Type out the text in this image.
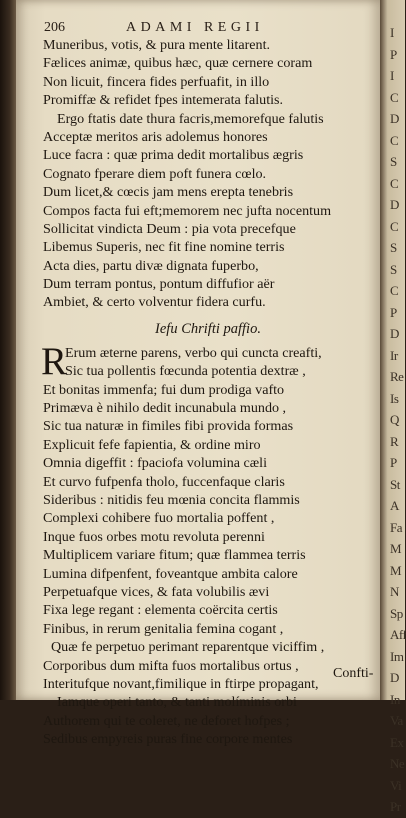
I
P
I
C
D
C
S
C
D
C
S
S
C
P
D
Ir
Re
Is
Q
R
P
St
A
Fa
M
M
N
Sp
Aff
Im
D
In
Va
Ex
Ne
Vi
Pr
206	ADAMI REGII
Muneribus, votis, & pura mente litarent.
Fælices animæ, quibus hæc, quæ cernere coram
Non licuit, fincera fides perfuafit, in illo
Promiffæ & refidet fpes intemerata falutis.
Ergo ftatis date thura facris,memorefque falutis
Acceptæ meritos aris adolemus honores
Luce facra : quæ prima dedit mortalibus ægris
Cognato fperare diem poft funera cœlo.
Dum licet,& cœcis jam mens erepta tenebris
Compos facta fui eft;memorem nec jufta nocentum
Sollicitat vindicta Deum : pia vota precefque
Libemus Superis, nec fit fine nomine terris
Acta dies, partu divæ dignata fuperbo,
Dum terram pontus, pontum diffufior aër
Ambiet, & certo volventur fidera curfu.
Iefu Chrifti paffio.
R
Erum æterne parens, verbo qui cuncta creafti,
Sic tua pollentis fœcunda potentia dextræ ,
Et bonitas immenfa; fui dum prodiga vafto
Primæva è nihilo dedit incunabula mundo ,
Sic tua naturæ in fimiles fibi provida formas
Explicuit fefe fapientia, & ordine miro
Omnia digeffit : fpaciofa volumina cæli
Et curvo fufpenfa tholo, fuccenfaque claris
Sideribus : nitidis feu mœnia concita flammis
Complexi cohibere fuo mortalia poffent ,
Inque fuos orbes motu revoluta perenni
Multiplicem variare fitum; quæ flammea terris
Lumina difpenfent, foveantque ambita calore
Perpetuafque vices, & fata volubilis ævi
Fixa lege regant : elementa coërcita certis
Finibus, in rerum genitalia femina cogant ,
Quæ fe perpetuo perimant reparentque viciffim ,
Corporibus dum mifta fuos mortalibus ortus ,
Interitufque novant,fimilique in ftirpe propagant,
Iamque operi tanto, & tanti molíminis orbi
Authorem qui te coleret, ne deforet hofpes ;
Sedibus empyreis puras fine corpore mentes
Confti-
